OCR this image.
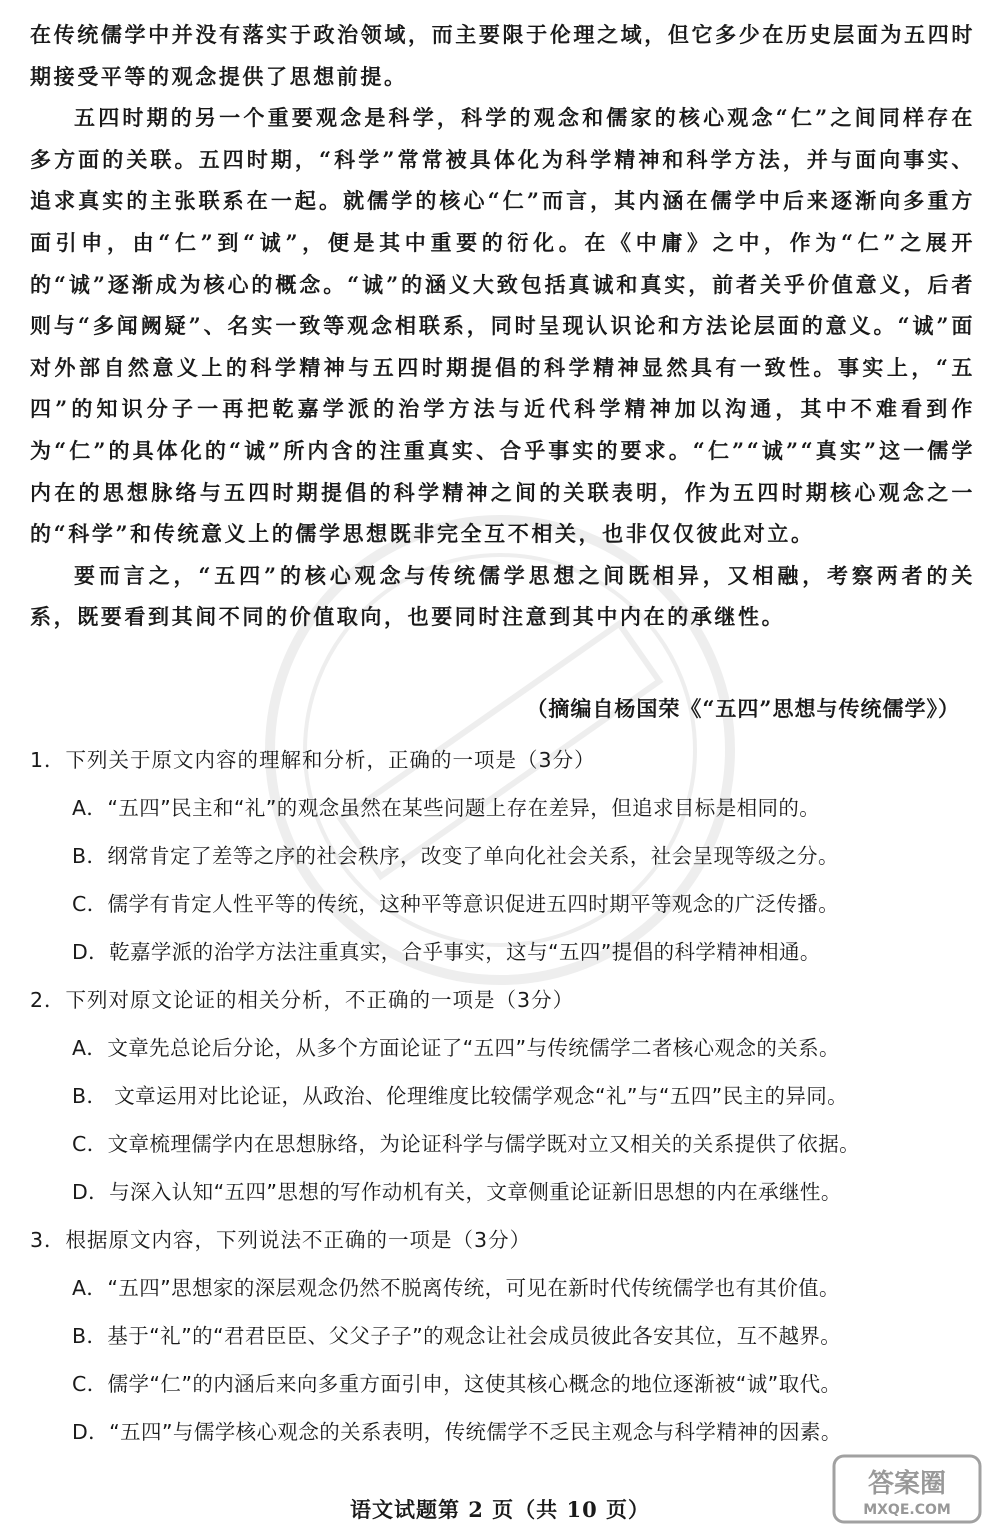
在传统儒学中并没有落实于政治领域，而主要限于伦理之域，但它多少在历史层面为五四时期接受平等的观念提供了思想前提。

五四时期的另一个重要观念是科学，科学的观念和儒家的核心观念“仁”之间同样存在多方面的关联。五四时期，“科学”常常被具体化为科学精神和科学方法，并与面向事实、追求真实的主张联系在一起。就儒学的核心“仁”而言，其内涵在儒学中后来逐渐向多重方面引申，由“仁”到“诚”，便是其中重要的衍化。在《中庸》之中，作为“仁”之展开的“诚”逐渐成为核心的概念。“诚”的涵义大致包括真诚和真实，前者关乎价值意义，后者则与“多闻阙疑”、名实一致等观念相联系，同时呈现认识论和方法论层面的意义。“诚”面对外部自然意义上的科学精神与五四时期提倡的科学精神显然具有一致性。事实上，“五四”的知识分子一再把乾嘉学派的治学方法与近代科学精神加以沟通，其中不难看到作为“仁”的具体化的“诚”所内含的注重真实、合乎事实的要求。“仁”“诚”“真实”这一儒学内在的思想脉络与五四时期提倡的科学精神之间的关联表明，作为五四时期核心观念之一的“科学”和传统意义上的儒学思想既非完全互不相关，也非仅仅彼此对立。

要而言之，“五四”的核心观念与传统儒学思想之间既相异，又相融，考察两者的关系，既要看到其间不同的价值取向，也要同时注意到其中内在的承继性。

（摘编自杨国荣《“五四”思想与传统儒学》）
1．下列关于原文内容的理解和分析，正确的一项是（3分）
A．“五四”民主和“礼”的观念虽然在某些问题上存在差异，但追求目标是相同的。
B．纲常肯定了差等之序的社会秩序，改变了单向化社会关系，社会呈现等级之分。
C．儒学有肯定人性平等的传统，这种平等意识促进五四时期平等观念的广泛传播。
D．乾嘉学派的治学方法注重真实，合乎事实，这与“五四”提倡的科学精神相通。
2．下列对原文论证的相关分析，不正确的一项是（3分）
A．文章先总论后分论，从多个方面论证了“五四”与传统儒学二者核心观念的关系。
B． 文章运用对比论证，从政治、伦理维度比较儒学观念“礼”与“五四”民主的异同。
C．文章梳理儒学内在思想脉络，为论证科学与儒学既对立又相关的关系提供了依据。
D．与深入认知“五四”思想的写作动机有关，文章侧重论证新旧思想的内在承继性。
3．根据原文内容，下列说法不正确的一项是（3分）
A．“五四”思想家的深层观念仍然不脱离传统，可见在新时代传统儒学也有其价值。
B．基于“礼”的“君君臣臣、父父子子”的观念让社会成员彼此各安其位，互不越界。
C．儒学“仁”的内涵后来向多重方面引申，这使其核心概念的地位逐渐被“诚”取代。
D．“五四”与儒学核心观念的关系表明，传统儒学不乏民主观念与科学精神的因素。
语文试题第 2 页（共 10 页）
答案圈
MXQE.COM
